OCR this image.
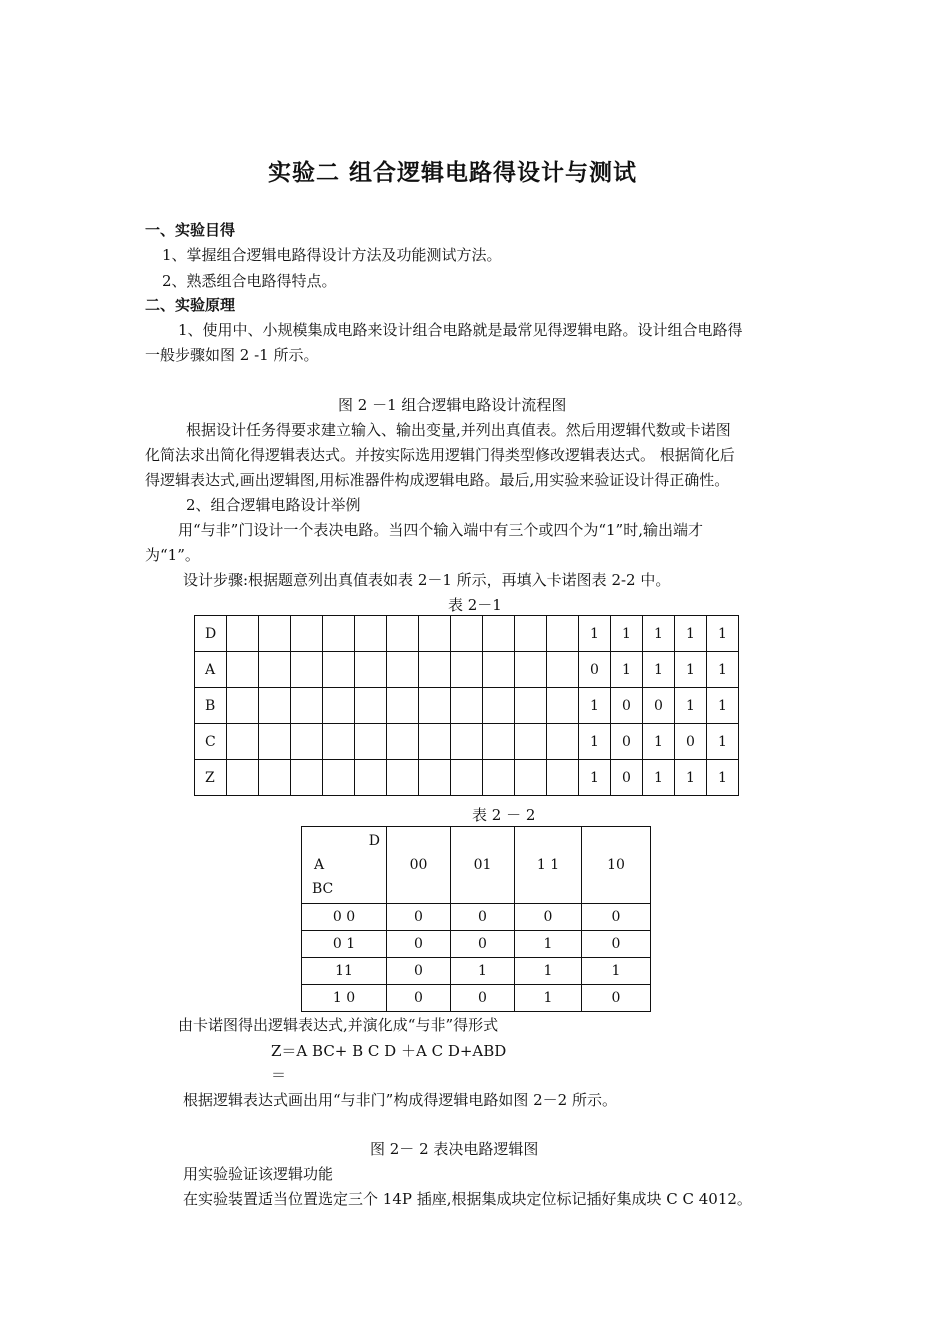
实验二 组合逻辑电路得设计与测试
一、实验目得
1、掌握组合逻辑电路得设计方法及功能测试方法。
2、熟悉组合电路得特点。
二、实验原理
1、使用中、小规模集成电路来设计组合电路就是最常见得逻辑电路。设计组合电路得
一般步骤如图 2 -1 所示。
图 2 －1 组合逻辑电路设计流程图
根据设计任务得要求建立输入、输出变量,并列出真值表。然后用逻辑代数或卡诺图
化简法求出简化得逻辑表达式。并按实际选用逻辑门得类型修改逻辑表达式。 根据简化后
得逻辑表达式,画出逻辑图,用标准器件构成逻辑电路。最后,用实验来验证设计得正确性。
2、组合逻辑电路设计举例
用“与非”门设计一个表决电路。当四个输入端中有三个或四个为“1”时,输出端才
为“1”。
设计步骤:根据题意列出真值表如表 2－1 所示，再填入卡诺图表 2-2 中。
表 2－1
D												1	1	1	1	1
A												0	1	1	1	1
B												1	0	0	1	1
C												1	0	1	0	1
Z												1	0	1	1	1
表 2 － 2
D
A
BC	00	01	1 1	10
0 0	0	0	0	0
0 1	0	0	1	0
11	0	1	1	1
1 0	0	0	1	0
由卡诺图得出逻辑表达式,并演化成“与非”得形式
Z＝A BC+ B C D ＋A C D+ABD
＝
根据逻辑表达式画出用“与非门”构成得逻辑电路如图 2－2 所示。
图 2－ 2 表决电路逻辑图
用实验验证该逻辑功能
在实验装置适当位置选定三个 14P 插座,根据集成块定位标记插好集成块 C C 4012。
